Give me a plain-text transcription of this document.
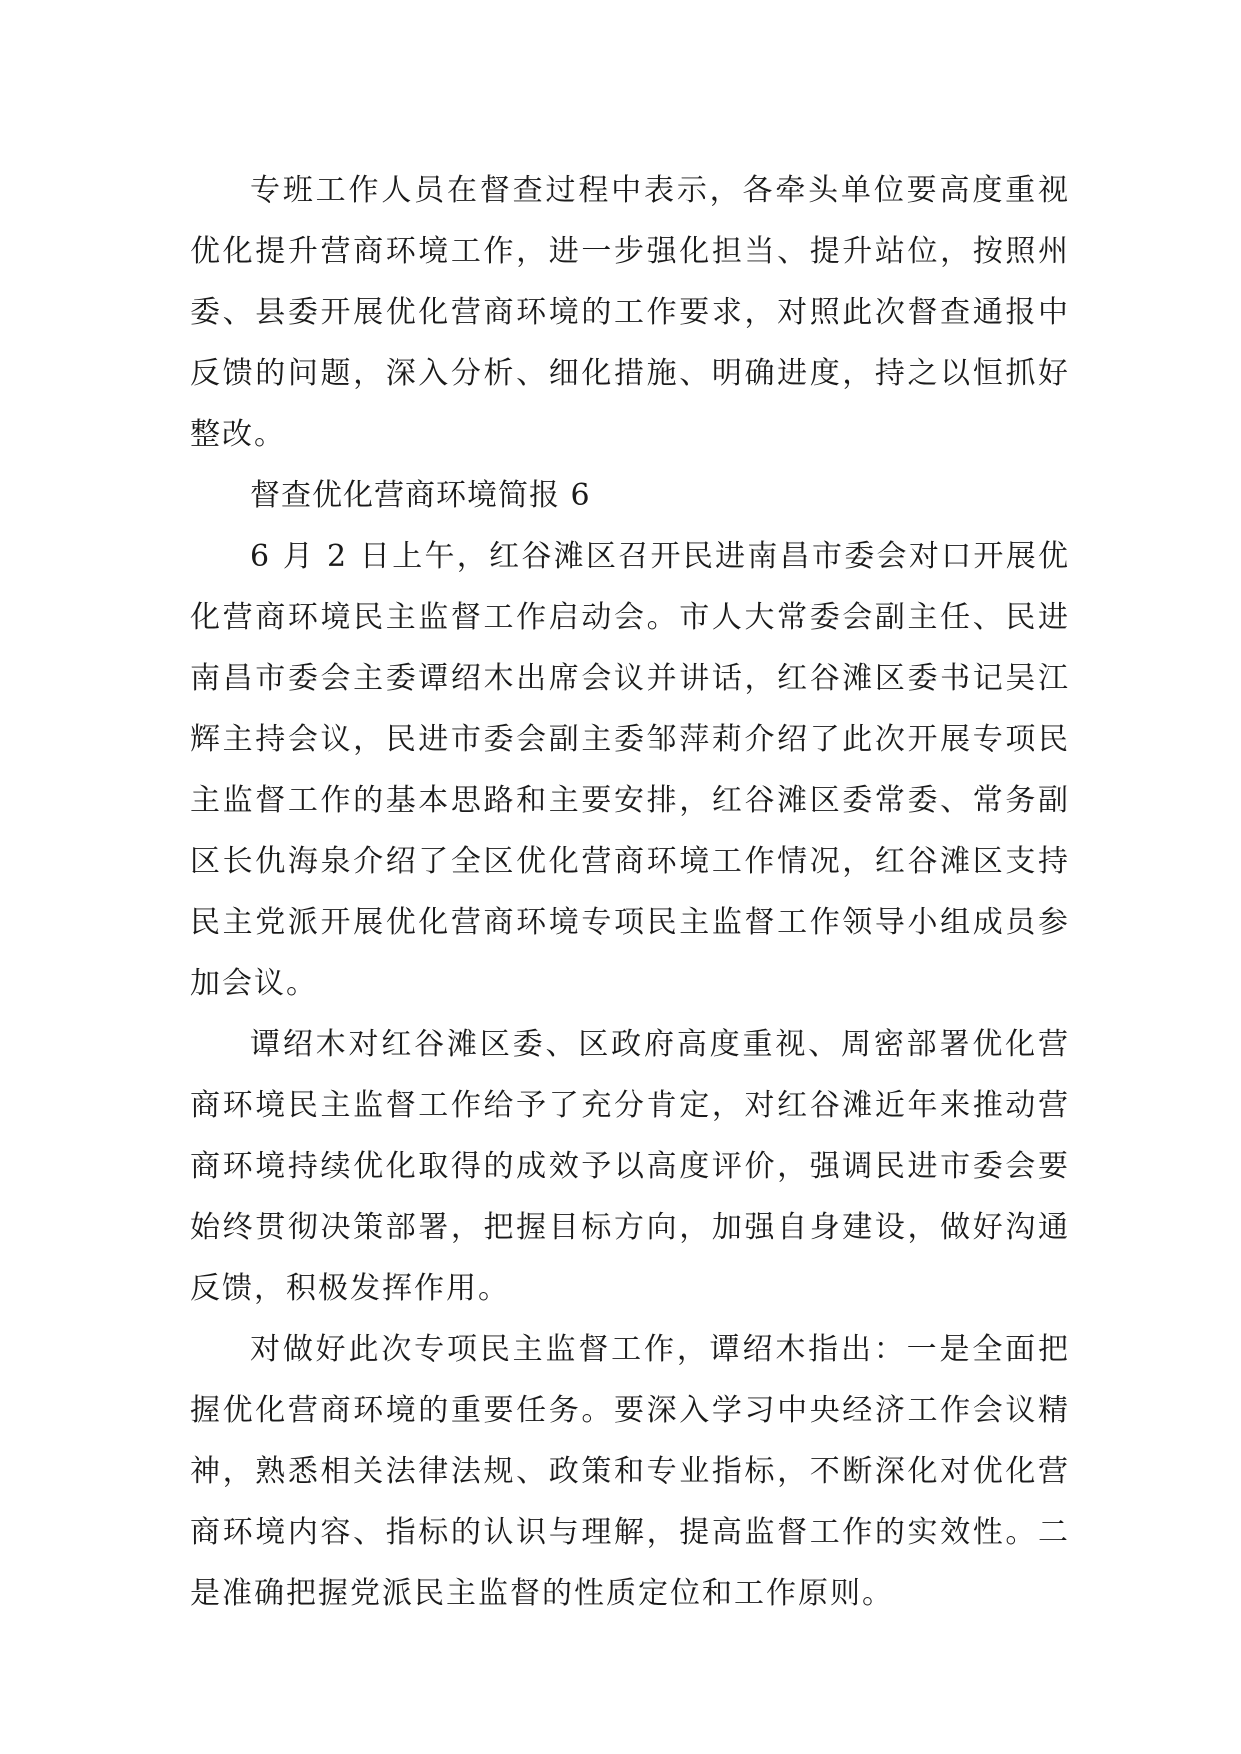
专班工作人员在督查过程中表示，各牵头单位要高度重视优化提升营商环境工作，进一步强化担当、提升站位，按照州委、县委开展优化营商环境的工作要求，对照此次督查通报中反馈的问题，深入分析、细化措施、明确进度，持之以恒抓好整改。

督查优化营商环境简报 6

6 月 2 日上午，红谷滩区召开民进南昌市委会对口开展优化营商环境民主监督工作启动会。市人大常委会副主任、民进南昌市委会主委谭绍木出席会议并讲话，红谷滩区委书记吴江辉主持会议，民进市委会副主委邹萍莉介绍了此次开展专项民主监督工作的基本思路和主要安排，红谷滩区委常委、常务副区长仇海泉介绍了全区优化营商环境工作情况，红谷滩区支持民主党派开展优化营商环境专项民主监督工作领导小组成员参加会议。

谭绍木对红谷滩区委、区政府高度重视、周密部署优化营商环境民主监督工作给予了充分肯定，对红谷滩近年来推动营商环境持续优化取得的成效予以高度评价，强调民进市委会要始终贯彻决策部署，把握目标方向，加强自身建设，做好沟通反馈，积极发挥作用。

对做好此次专项民主监督工作，谭绍木指出：一是全面把握优化营商环境的重要任务。要深入学习中央经济工作会议精神，熟悉相关法律法规、政策和专业指标，不断深化对优化营商环境内容、指标的认识与理解，提高监督工作的实效性。二是准确把握党派民主监督的性质定位和工作原则。
